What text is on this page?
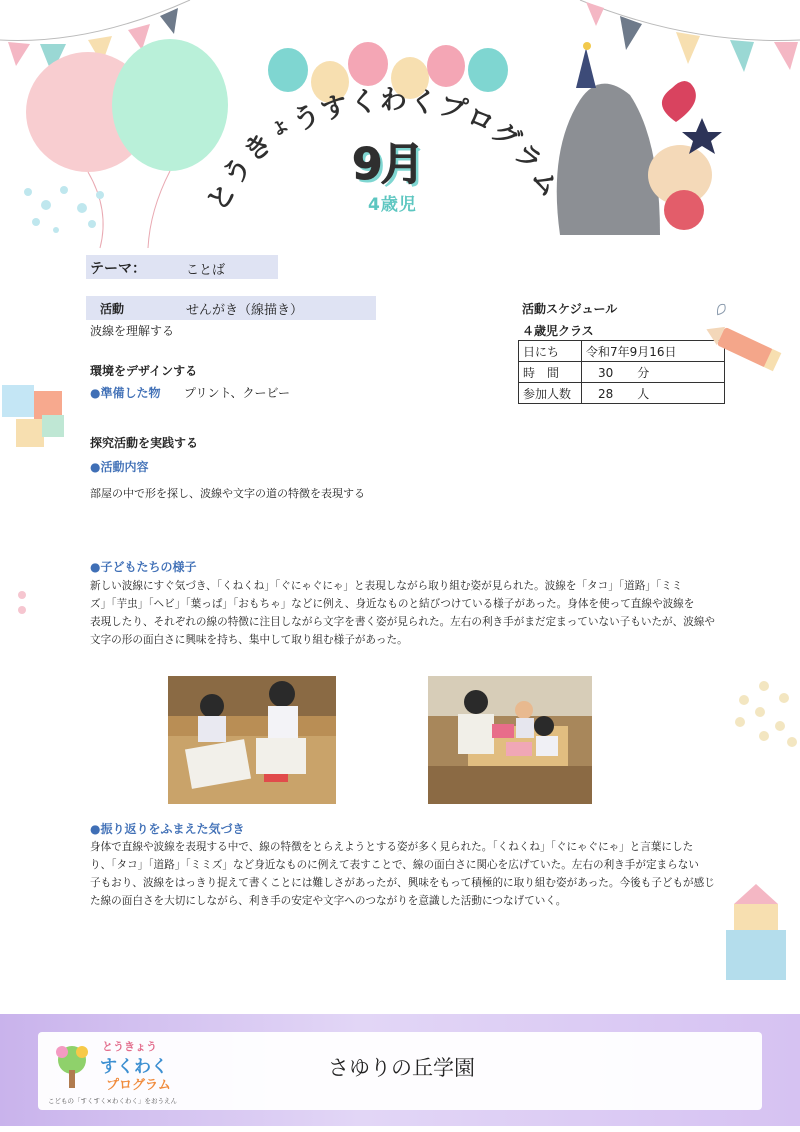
と
う
き
ょ
う
す
く わ く
プ
ロ
グ
ラ
ム
9月
4歳児
テーマ：	ことば
活動	せんがき（線描き）
波線を理解する
環境をデザインする
●準備した物 プリント、クービー
探究活動を実践する
●活動内容
部屋の中で形を探し、波線や文字の道の特徴を表現する
●子どもたちの様子
新しい波線にすぐ気づき、「くねくね」「ぐにゃぐにゃ」と表現しながら取り組む姿が見られた。波線を「タコ」「道路」「ミミ
ズ」「芋虫」「ヘビ」「葉っぱ」「おもちゃ」などに例え、身近なものと結びつけている様子があった。身体を使って直線や波線を
表現したり、それぞれの線の特徴に注目しながら文字を書く姿が見られた。左右の利き手がまだ定まっていない子もいたが、波線や
文字の形の面白さに興味を持ち、集中して取り組む様子があった。
●振り返りをふまえた気づき
身体で直線や波線を表現する中で、線の特徴をとらえようとする姿が多く見られた。「くねくね」「ぐにゃぐにゃ」と言葉にした
り、「タコ」「道路」「ミミズ」など身近なものに例えて表すことで、線の面白さに関心を広げていた。左右の利き手が定まらない
子もおり、波線をはっきり捉えて書くことには難しさがあったが、興味をもって積極的に取り組む姿があった。今後も子どもが感じ
た線の面白さを大切にしながら、利き手の安定や文字へのつながりを意識した活動につなげていく。
活動スケジュール
４歳児クラス
日にち	令和7年9月16日
時　間	　30　　分
参加人数	　28　　人
とうきょう
すくわく
プログラム
こどもの「すくすく×わくわく」をおうえん
さゆりの丘学園
